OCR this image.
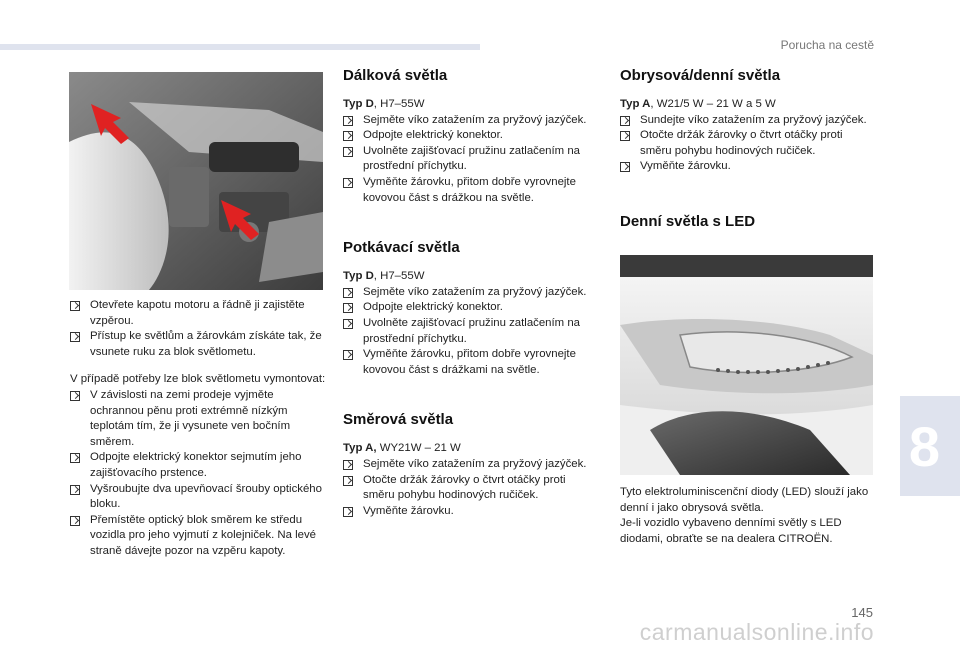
Porucha na cestě
8
145
carmanualsonline.info
Otevřete kapotu motoru a řádně ji zajistěte vzpěrou.
Přístup ke světlům a žárovkám získáte tak, že vsunete ruku za blok světlometu.

V případě potřeby lze blok světlometu vymontovat:

V závislosti na zemi prodeje vyjměte ochrannou pěnu proti extrémně nízkým teplotám tím, že ji vysunete ven bočním směrem.
Odpojte elektrický konektor sejmutím jeho zajišťovacího prstence.
Vyšroubujte dva upevňovací šrouby optického bloku.
Přemístěte optický blok směrem ke středu vozidla pro jeho vyjmutí z kolejniček. Na levé straně dávejte pozor na vzpěru kapoty.
Dálková světla

Typ D, H7–55W

Sejměte víko zatažením za pryžový jazýček.
Odpojte elektrický konektor.
Uvolněte zajišťovací pružinu zatlačením na prostřední příchytku.
Vyměňte žárovku, přitom dobře vyrovnejte kovovou část s drážkou na světle.
Potkávací světla

Typ D, H7–55W

Sejměte víko zatažením za pryžový jazýček.
Odpojte elektrický konektor.
Uvolněte zajišťovací pružinu zatlačením na prostřední příchytku.
Vyměňte žárovku, přitom dobře vyrovnejte kovovou část s drážkami na světle.
Směrová světla

Typ A, WY21W – 21 W

Sejměte víko zatažením za pryžový jazýček.
Otočte držák žárovky o čtvrt otáčky proti směru pohybu hodinových ručiček.
Vyměňte žárovku.
Obrysová/denní světla

Typ A, W21/5 W – 21 W a 5 W

Sundejte víko zatažením za pryžový jazýček.
Otočte držák žárovky o čtvrt otáčky proti směru pohybu hodinových ručiček.
Vyměňte žárovku.
Denní světla s LED

Tyto elektroluminiscenční diody (LED) slouží jako denní i jako obrysová světla.

Je-li vozidlo vybaveno denními světly s LED diodami, obraťte se na dealera CITROËN.
